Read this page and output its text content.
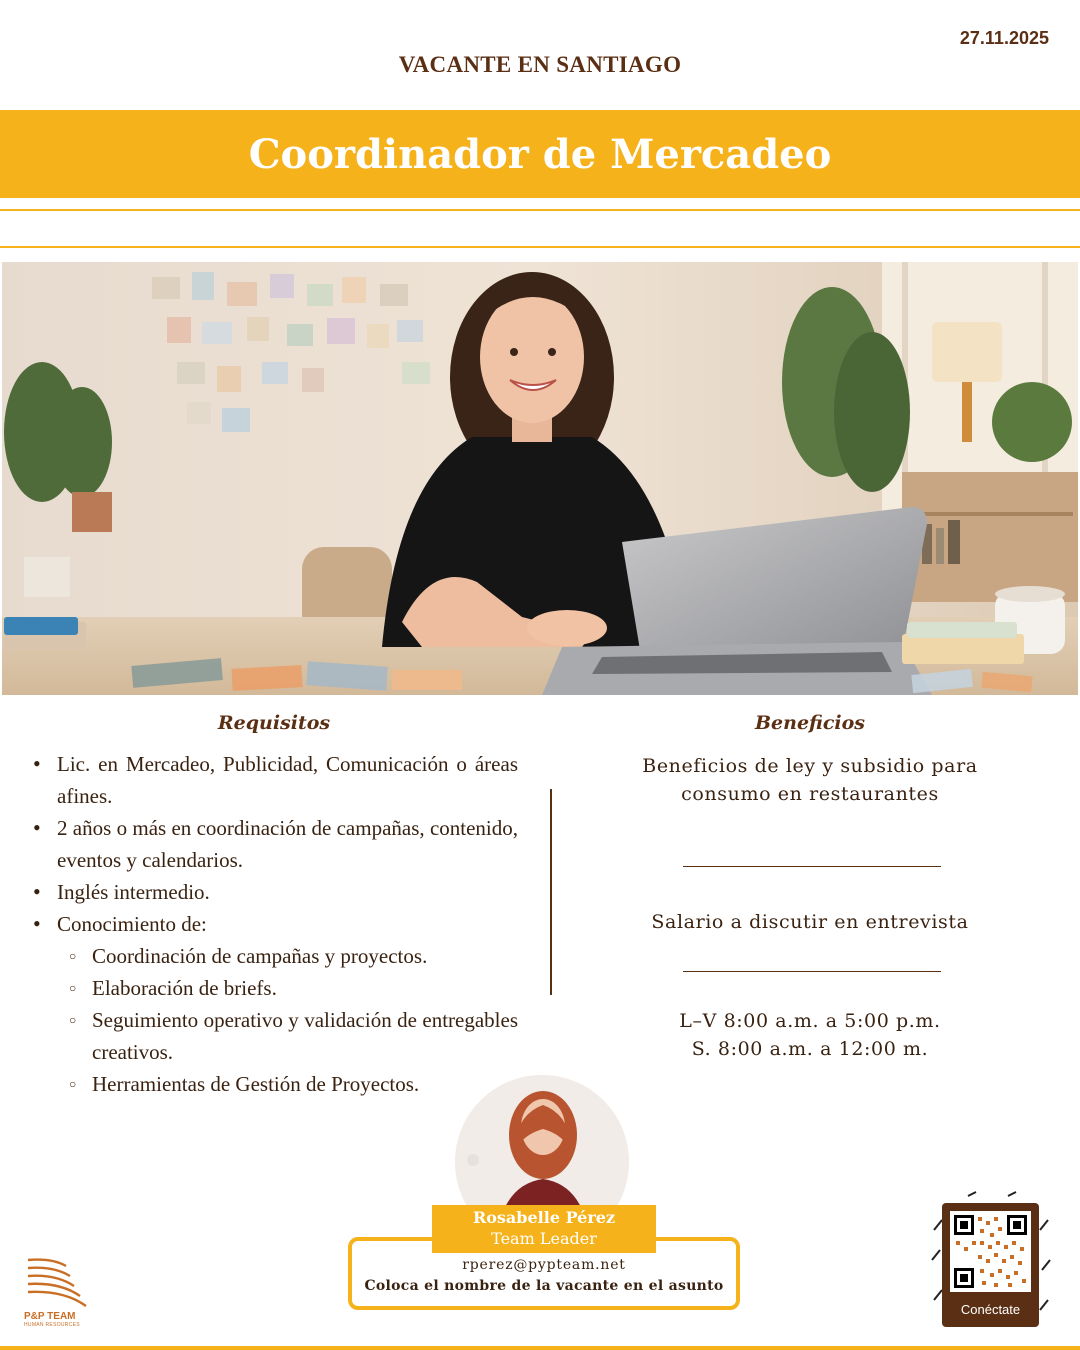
27.11.2025
VACANTE EN SANTIAGO
Coordinador de Mercadeo
Requisitos	Beneficios
• Lic. en Mercadeo, Publicidad, Comunicación o áreas afines.
• 2 años o más en coordinación de campañas, contenido, eventos y calendarios.
• Inglés intermedio.
• Conocimiento de:
○ Coordinación de campañas y proyectos.
○ Elaboración de briefs.
○ Seguimiento operativo y validación de entregables creativos.
○ Herramientas de Gestión de Proyectos.
Beneficios de ley y subsidio para consumo en restaurantes
Salario a discutir en entrevista
L–V 8:00 a.m. a 5:00 p.m.
S. 8:00 a.m. a 12:00 m.
rperez@pypteam.net
Coloca el nombre de la vacante en el asunto
Rosabelle Pérez
Team Leader
P&P TEAM
HUMAN RESOURCES
Conéctate
